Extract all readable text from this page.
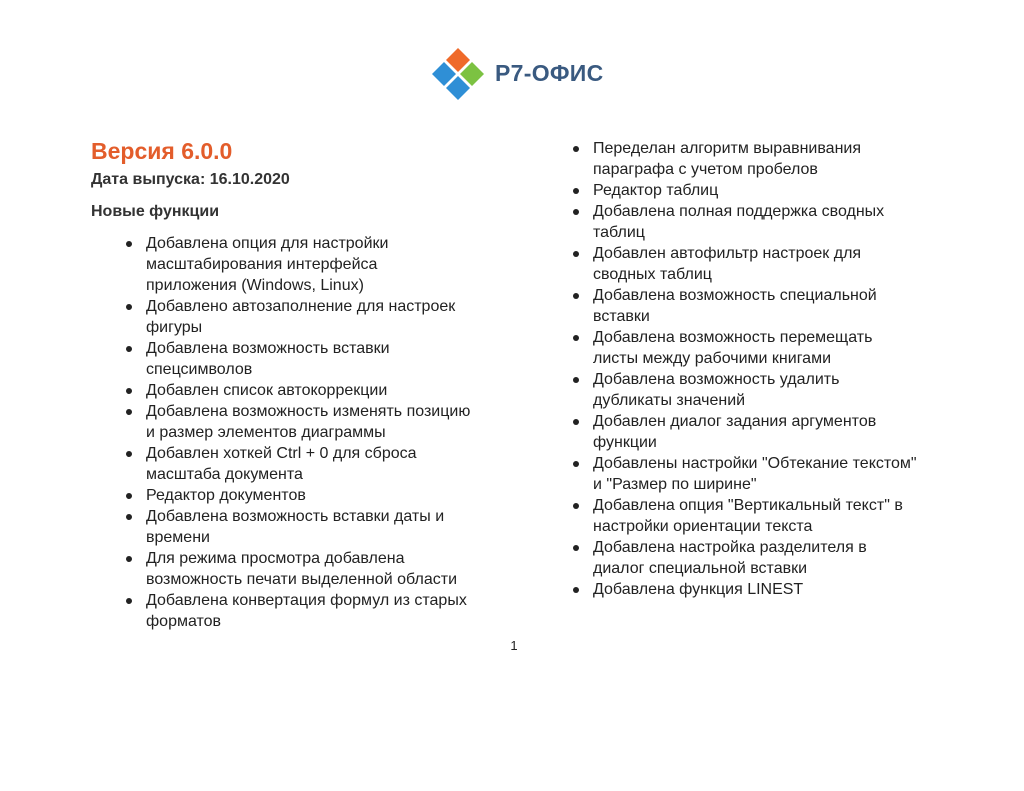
Р7-ОФИС
Версия 6.0.0
Дата выпуска: 16.10.2020
Новые функции
Добавлена опция для настройки
масштабирования интерфейса
приложения (Windows, Linux)
Добавлено автозаполнение для настроек
фигуры
Добавлена возможность вставки
спецсимволов
Добавлен список автокоррекции
Добавлена возможность изменять позицию
и размер элементов диаграммы
Добавлен хоткей Ctrl + 0 для сброса
масштаба документа
Редактор документов
Добавлена возможность вставки даты и
времени
Для режима просмотра добавлена
возможность печати выделенной области
Добавлена конвертация формул из старых
форматов
Переделан алгоритм выравнивания
параграфа с учетом пробелов
Редактор таблиц
Добавлена полная поддержка сводных
таблиц
Добавлен автофильтр настроек для
сводных таблиц
Добавлена возможность специальной
вставки
Добавлена возможность перемещать
листы между рабочими книгами
Добавлена возможность удалить
дубликаты значений
Добавлен диалог задания аргументов
функции
Добавлены настройки "Обтекание текстом"
и "Размер по ширине"
Добавлена опция "Вертикальный текст" в
настройки ориентации текста
Добавлена настройка разделителя в
диалог специальной вставки
Добавлена функция LINEST
1
